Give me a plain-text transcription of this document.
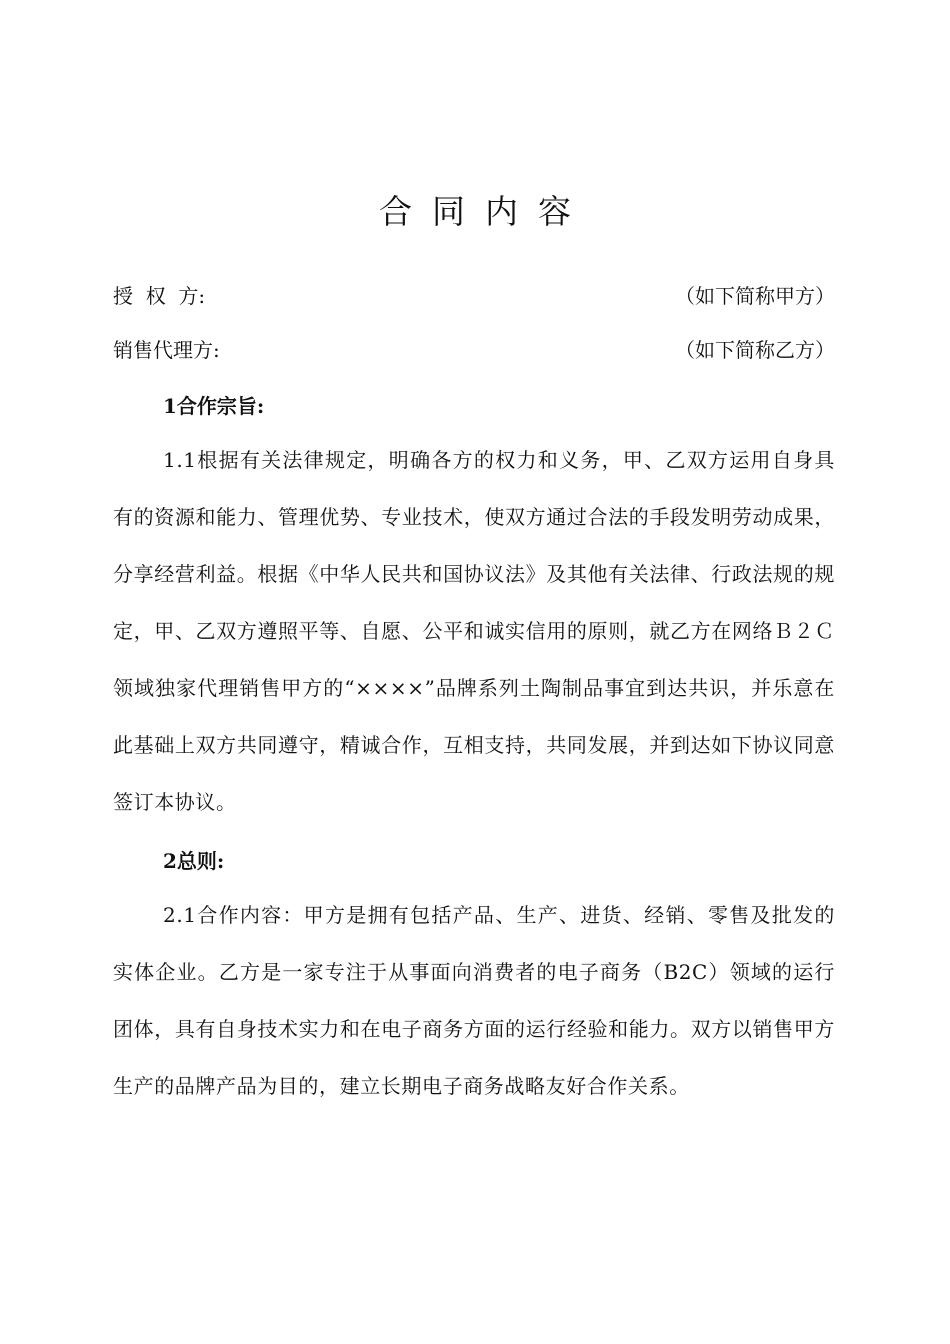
合同内容
授  权  方:	（如下简称甲方）
销售代理方:	（如下简称乙方）
1合作宗旨:

1.1根据有关法律规定，明确各方的权力和义务，甲、乙双方运用自身具有的资源和能力、管理优势、专业技术，使双方通过合法的手段发明劳动成果，分享经营利益。根据《中华人民共和国协议法》及其他有关法律、行政法规的规定，甲、乙双方遵照平等、自愿、公平和诚实信用的原则，就乙方在网络Ｂ２Ｃ领域独家代理销售甲方的“××××”品牌系列土陶制品事宜到达共识，并乐意在此基础上双方共同遵守，精诚合作，互相支持，共同发展，并到达如下协议同意签订本协议。

2总则:

2.1合作内容：甲方是拥有包括产品、生产、进货、经销、零售及批发的实体企业。乙方是一家专注于从事面向消费者的电子商务（B2C）领域的运行团体，具有自身技术实力和在电子商务方面的运行经验和能力。双方以销售甲方生产的品牌产品为目的，建立长期电子商务战略友好合作关系。
